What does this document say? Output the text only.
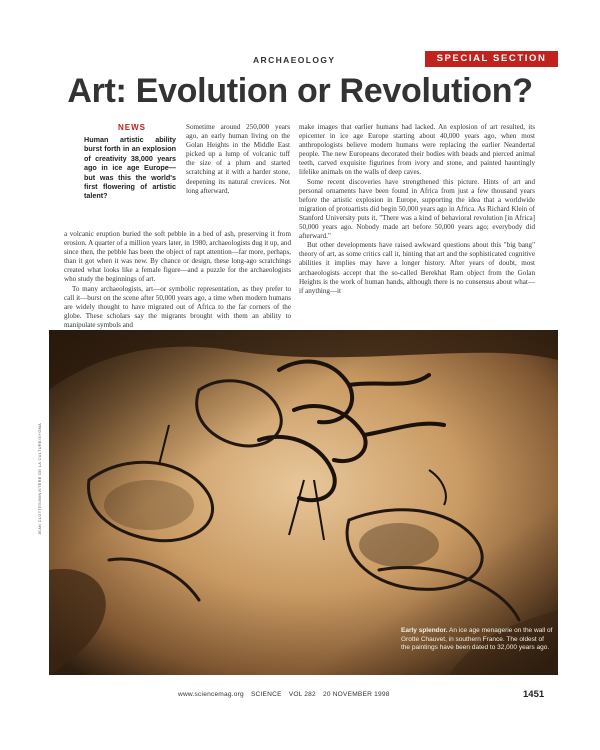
ARCHAEOLOGY	SPECIAL SECTION
Art: Evolution or Revolution?
NEWS
Human artistic ability burst forth in an explosion of creativity 38,000 years ago in ice age Europe—but was this the world's first flowering of artistic talent?

Sometime around 250,000 years ago, an early human living on the Golan Heights in the Middle East picked up a lump of volcanic tuff the size of a plum and started scratching at it with a harder stone, deepening its natural crevices. Not long afterward,

a volcanic eruption buried the soft pebble in a bed of ash, preserving it from erosion. A quarter of a million years later, in 1980, archaeologists dug it up, and since then, the pebble has been the object of rapt attention—far more, perhaps, than it got when it was new. By chance or design, these long-ago scratchings created what looks like a female figure—and a puzzle for the archaeologists who study the beginnings of art.

To many archaeologists, art—or symbolic representation, as they prefer to call it—burst on the scene after 50,000 years ago, a time when modern humans are widely thought to have migrated out of Africa to the far corners of the globe. These scholars say the migrants brought with them an ability to manipulate symbols and

make images that earlier humans had lacked. An explosion of art resulted, its epicenter in ice age Europe starting about 40,000 years ago, when most anthropologists believe modern humans were replacing the earlier Neandertal people. The new Europeans decorated their bodies with beads and pierced animal teeth, carved exquisite figurines from ivory and stone, and painted hauntingly lifelike animals on the walls of deep caves.

Some recent discoveries have strengthened this picture. Hints of art and personal ornaments have been found in Africa from just a few thousand years before the artistic explosion in Europe, supporting the idea that a worldwide migration of protoartists did begin 50,000 years ago in Africa. As Richard Klein of Stanford University puts it, "There was a kind of behavioral revolution [in Africa] 50,000 years ago. Nobody made art before 50,000 years ago; everybody did afterward."

But other developments have raised awkward questions about this "big bang" theory of art, as some critics call it, hinting that art and the sophisticated cognitive abilities it implies may have a longer history. After years of doubt, most archaeologists accept that the so-called Berekhat Ram object from the Golan Heights is the work of human hands, although there is no consensus about what—if anything—it

JEAN CLOTTES/MINISTÈRE DE LA CULTURE/SYGMA
Early splendor. An ice age menagerie on the wall of Grotte Chauvet, in southern France. The oldest of the paintings have been dated to 32,000 years ago.
www.sciencemag.org SCIENCE VOL 282 20 NOVEMBER 1998	1451
